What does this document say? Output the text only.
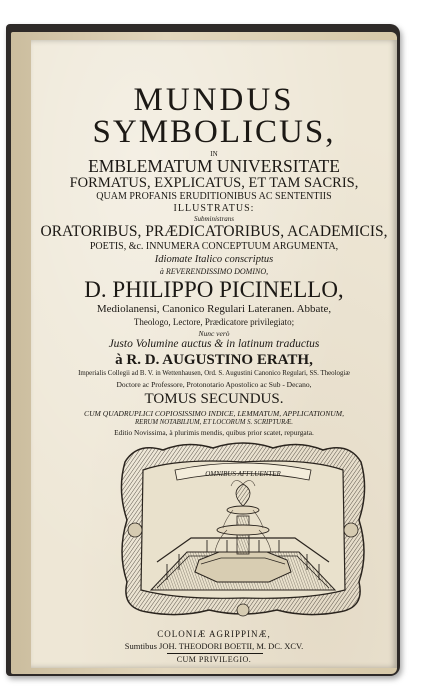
MUNDUS
SYMBOLICUS,
IN
EMBLEMATUM UNIVERSITATE
FORMATUS, EXPLICATUS, ET TAM SACRIS,
QUAM PROFANIS ERUDITIONIBUS AC SENTENTIIS
ILLUSTRATUS:
Subministrans
ORATORIBUS, PRÆDICATORIBUS, ACADEMICIS,
POETIS, &c. INNUMERA CONCEPTUUM ARGUMENTA,
Idiomate Italico conscriptus
à REVERENDISSIMO DOMINO,
D. PHILIPPO PICINELLO,
Mediolanensi, Canonico Regulari Lateranen. Abbate,
Theologo, Lectore, Prædicatore privilegiato;
Nunc verò
Justo Volumine auctus & in latinum traductus
à R. D. AUGUSTINO ERATH,
Imperialis Collegii ad B. V. in Wettenhausen, Ord. S. Augustini Canonico Regulari, SS. Theologiæ
Doctore ac Professore, Protonotario Apostolico ac Sub - Decano,
TOMUS SECUNDUS.
CUM QUADRUPLICI COPIOSISSIMO INDICE, LEMMATUM, APPLICATIONUM,
RERUM NOTABILIUM, ET LOCORUM S. SCRIPTURÆ.
Editio Novissima, à plurimis mendis, quibus prior scatet, repurgata.
OMNIBUS AFFLUENTER
COLONIÆ AGRIPPINÆ,
Sumtibus JOH. THEODORI BOETII, M. DC. XCV.
CUM PRIVILEGIO.
